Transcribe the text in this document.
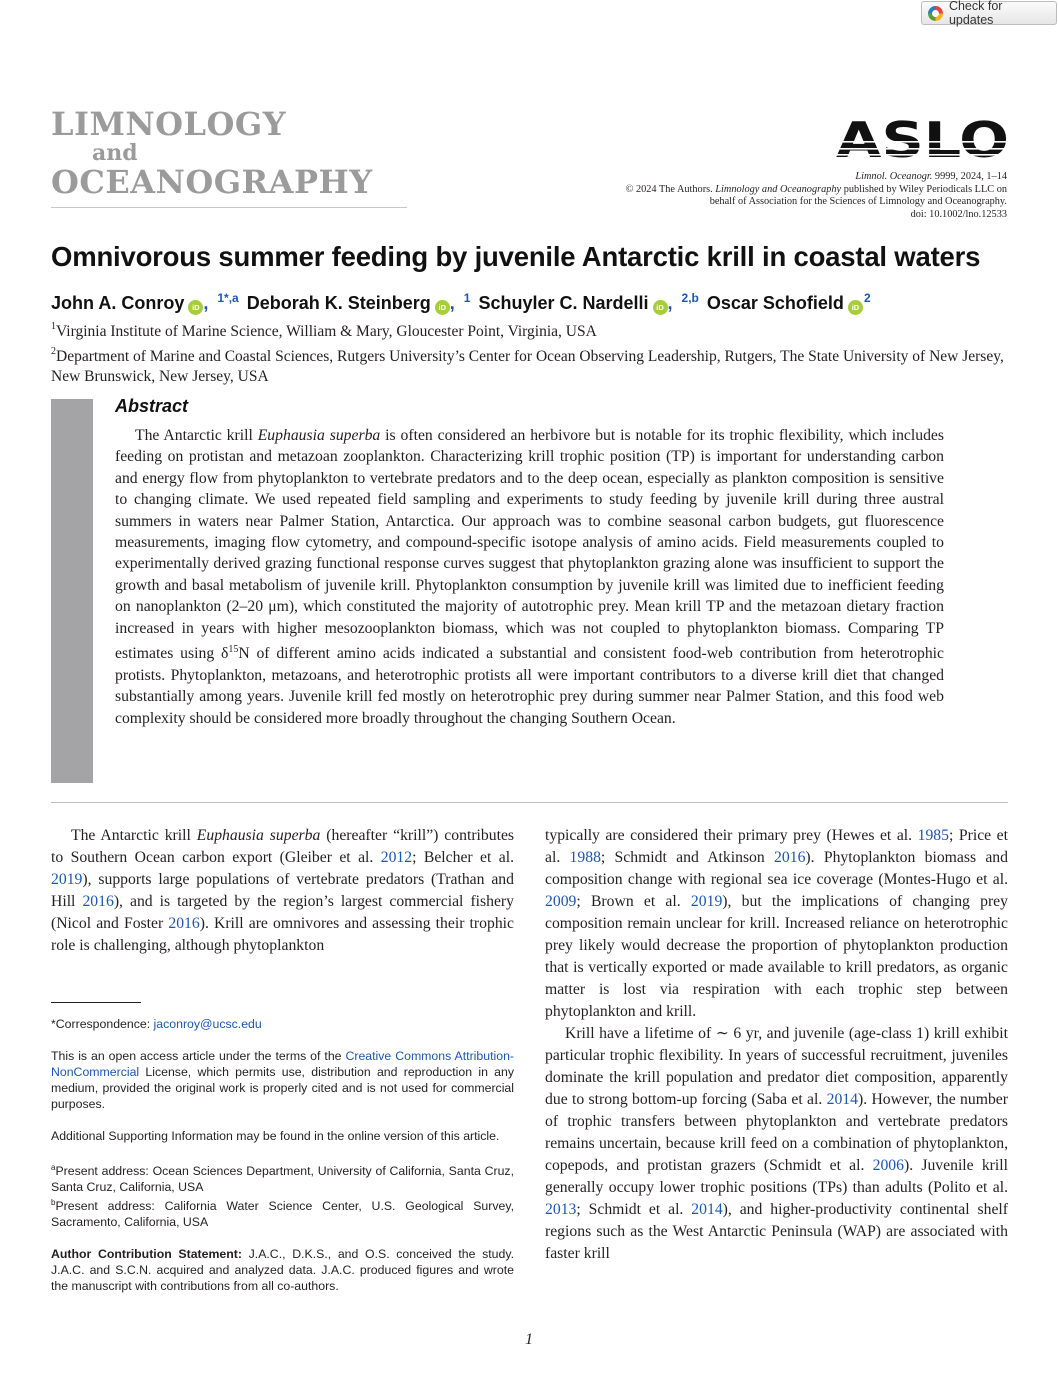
Check for updates
LIMNOLOGY
and
OCEANOGRAPHY	Limnol. Oceanogr. 9999, 2024, 1–14
© 2024 The Authors. Limnology and Oceanography published by Wiley Periodicals LLC on
behalf of Association for the Sciences of Limnology and Oceanography.
doi: 10.1002/lno.12533
Omnivorous summer feeding by juvenile Antarctic krill in coastal waters
John A. Conroy	iD , 1*,a Deborah K. Steinberg	iD , 1 Schuyler C. Nardelli	iD , 2,b Oscar Schofield	iD
2
$^1$Virginia Institute of Marine Science, William & Mary, Gloucester Point, Virginia, USA
$^2$Department of Marine and Coastal Sciences, Rutgers University’s Center for Ocean Observing Leadership, Rutgers, The State University of New Jersey, New Brunswick, New Jersey, USA
Abstract

The Antarctic krill Euphausia superba is often considered an herbivore but is notable for its trophic flexibility, which includes feeding on protistan and metazoan zooplankton. Characterizing krill trophic position (TP) is important for understanding carbon and energy flow from phytoplankton to vertebrate predators and to the deep ocean, especially as plankton composition is sensitive to changing climate. We used repeated field sampling and experiments to study feeding by juvenile krill during three austral summers in waters near Palmer Station, Antarctica. Our approach was to combine seasonal carbon budgets, gut fluorescence measurements, imaging flow cytometry, and compound-specific isotope analysis of amino acids. Field measurements coupled to experimentally derived grazing functional response curves suggest that phytoplankton grazing alone was insufficient to support the growth and basal metabolism of juvenile krill. Phytoplankton consumption by juvenile krill was limited due to inefficient feeding on nanoplankton (2–20 μm), which constituted the majority of autotrophic prey. Mean krill TP and the metazoan dietary fraction increased in years with higher mesozooplankton biomass, which was not coupled to phytoplankton biomass. Comparing TP estimates using $\delta^{15}N$ of different amino acids indicated a substantial and consistent food-web contribution from heterotrophic protists. Phytoplankton, metazoans, and heterotrophic protists all were important contributors to a diverse krill diet that changed substantially among years. Juvenile krill fed mostly on heterotrophic prey during summer near Palmer Station, and this food web complexity should be considered more broadly throughout the changing Southern Ocean.

The Antarctic krill Euphausia superba (hereafter “krill”) contributes to Southern Ocean carbon export (Gleiber et al. 2012; Belcher et al. 2019), supports large populations of vertebrate predators (Trathan and Hill 2016), and is targeted by the region’s largest commercial fishery (Nicol and Foster 2016). Krill are omnivores and assessing their trophic role is challenging, although phytoplankton

*Correspondence: jaconroy@ucsc.edu
This is an open access article under the terms of the Creative Commons Attribution-NonCommercial License, which permits use, distribution and reproduction in any medium, provided the original work is properly cited and is not used for commercial purposes.
Additional Supporting Information may be found in the online version of this article.
$^a$Present address: Ocean Sciences Department, University of California, Santa Cruz, Santa Cruz, California, USA
$^b$Present address: California Water Science Center, U.S. Geological Survey, Sacramento, California, USA
Author Contribution Statement: J.A.C., D.K.S., and O.S. conceived the study. J.A.C. and S.C.N. acquired and analyzed data. J.A.C. produced figures and wrote the manuscript with contributions from all co-authors.

typically are considered their primary prey (Hewes et al. 1985; Price et al. 1988; Schmidt and Atkinson 2016). Phytoplankton biomass and composition change with regional sea ice coverage (Montes-Hugo et al. 2009; Brown et al. 2019), but the implications of changing prey composition remain unclear for krill. Increased reliance on heterotrophic prey likely would decrease the proportion of phytoplankton production that is vertically exported or made available to krill predators, as organic matter is lost via respiration with each trophic step between phytoplankton and krill.

Krill have a lifetime of ∼ 6 yr, and juvenile (age-class 1) krill exhibit particular trophic flexibility. In years of successful recruitment, juveniles dominate the krill population and predator diet composition, apparently due to strong bottom-up forcing (Saba et al. 2014). However, the number of trophic transfers between phytoplankton and vertebrate predators remains uncertain, because krill feed on a combination of phytoplankton, copepods, and protistan grazers (Schmidt et al. 2006). Juvenile krill generally occupy lower trophic positions (TPs) than adults (Polito et al. 2013; Schmidt et al. 2014), and higher-productivity continental shelf regions such as the West Antarctic Peninsula (WAP) are associated with faster krill

1
